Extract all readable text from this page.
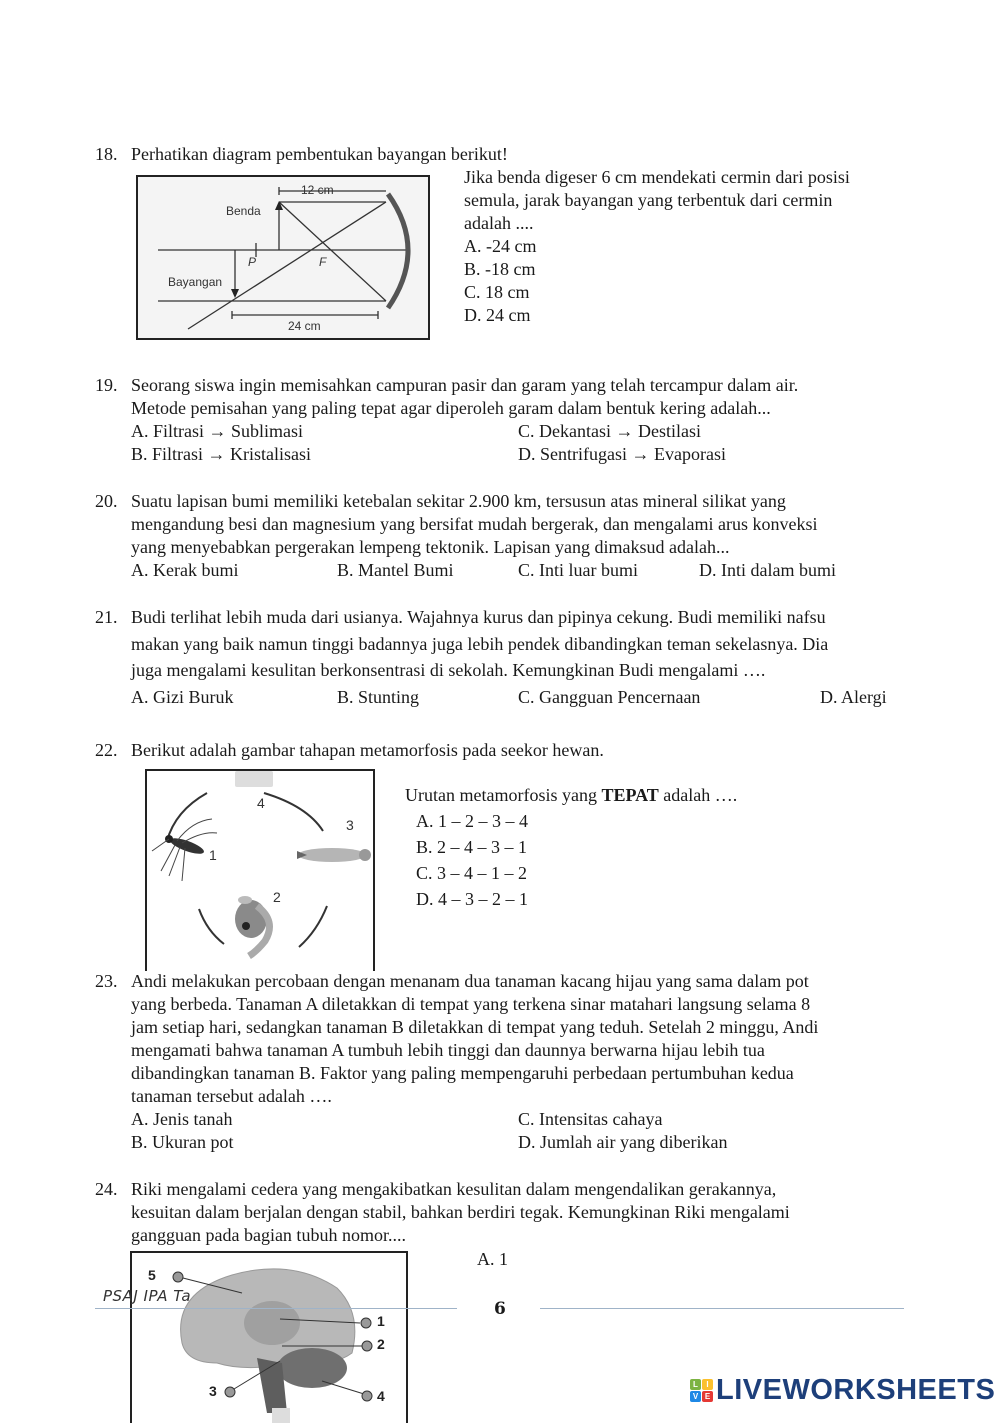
18. Perhatikan diagram pembentukan bayangan berikut!
12 cm
Benda
P	F
Bayangan
24 cm
Jika benda digeser 6 cm mendekati cermin dari posisi
semula, jarak bayangan yang terbentuk dari cermin
adalah ....
A. -24 cm
B. -18 cm
C. 18 cm
D. 24 cm
19. Seorang siswa ingin memisahkan campuran pasir dan garam yang telah tercampur dalam air.
Metode pemisahan yang paling tepat agar diperoleh garam dalam bentuk kering adalah...
A. Filtrasi → Sublimasi	C. Dekantasi → Destilasi
B. Filtrasi → Kristalisasi	D. Sentrifugasi → Evaporasi
20. Suatu lapisan bumi memiliki ketebalan sekitar 2.900 km, tersusun atas mineral silikat yang
mengandung besi dan magnesium yang bersifat mudah bergerak, dan mengalami arus konveksi
yang menyebabkan pergerakan lempeng tektonik. Lapisan yang dimaksud adalah...
A. Kerak bumi	B. Mantel Bumi	C. Inti luar bumi	D. Inti dalam bumi
21. Budi terlihat lebih muda dari usianya. Wajahnya kurus dan pipinya cekung. Budi memiliki nafsu
makan yang baik namun tinggi badannya juga lebih pendek dibandingkan teman sekelasnya. Dia
juga mengalami kesulitan berkonsentrasi di sekolah. Kemungkinan Budi mengalami ….
A. Gizi Buruk	B. Stunting	C. Gangguan Pencernaan	D. Alergi
22. Berikut adalah gambar tahapan metamorfosis pada seekor hewan.
4
3
1
2
Urutan metamorfosis yang TEPAT adalah ….
A. 1 – 2 – 3 – 4
B. 2 – 4 – 3 – 1
C. 3 – 4 – 1 – 2
D. 4 – 3 – 2 – 1
23. Andi melakukan percobaan dengan menanam dua tanaman kacang hijau yang sama dalam pot
yang berbeda. Tanaman A diletakkan di tempat yang terkena sinar matahari langsung selama 8
jam setiap hari, sedangkan tanaman B diletakkan di tempat yang teduh. Setelah 2 minggu, Andi
mengamati bahwa tanaman A tumbuh lebih tinggi dan daunnya berwarna hijau lebih tua
dibandingkan tanaman B. Faktor yang paling mempengaruhi perbedaan pertumbuhan kedua
tanaman tersebut adalah ….
A. Jenis tanah	C. Intensitas cahaya
B. Ukuran pot	D. Jumlah air yang diberikan
24. Riki mengalami cedera yang mengakibatkan kesulitan dalam mengendalikan gerakannya,
kesuitan dalam berjalan dengan stabil, bahkan berdiri tegak. Kemungkinan Riki mengalami
gangguan pada bagian tubuh nomor....
5
1
2
3	4
A. 1
PSAJ IPA Ta
6
L	I
V E LIVEWORKSHEETS
